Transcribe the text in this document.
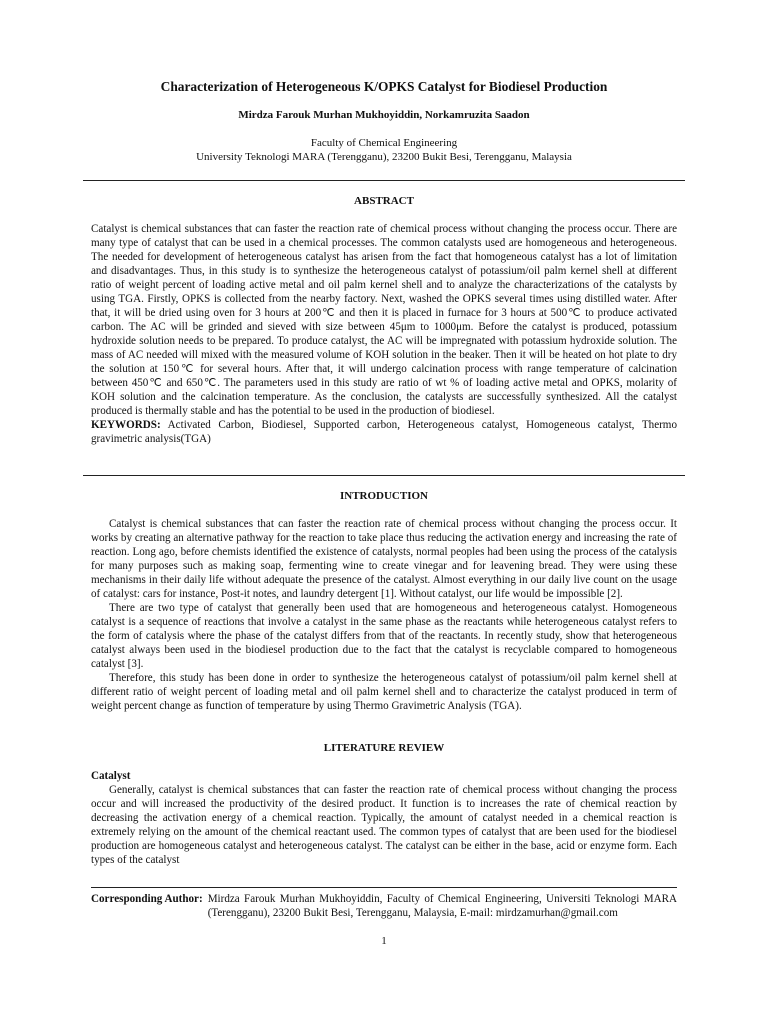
Characterization of Heterogeneous K/OPKS Catalyst for Biodiesel Production
Mirdza Farouk Murhan Mukhoyiddin, Norkamruzita Saadon
Faculty of Chemical Engineering
University Teknologi MARA (Terengganu), 23200 Bukit Besi, Terengganu, Malaysia
ABSTRACT

Catalyst is chemical substances that can faster the reaction rate of chemical process without changing the process occur. There are many type of catalyst that can be used in a chemical processes. The common catalysts used are homogeneous and heterogeneous. The needed for development of heterogeneous catalyst has arisen from the fact that homogeneous catalyst has a lot of limitation and disadvantages. Thus, in this study is to synthesize the heterogeneous catalyst of potassium/oil palm kernel shell at different ratio of weight percent of loading active metal and oil palm kernel shell and to analyze the characterizations of the catalysts by using TGA. Firstly, OPKS is collected from the nearby factory. Next, washed the OPKS several times using distilled water. After that, it will be dried using oven for 3 hours at 200℃ and then it is placed in furnace for 3 hours at 500℃ to produce activated carbon. The AC will be grinded and sieved with size between 45μm to 1000μm. Before the catalyst is produced, potassium hydroxide solution needs to be prepared. To produce catalyst, the AC will be impregnated with potassium hydroxide solution. The mass of AC needed will mixed with the measured volume of KOH solution in the beaker. Then it will be heated on hot plate to dry the solution at 150℃ for several hours. After that, it will undergo calcination process with range temperature of calcination between 450℃ and 650℃. The parameters used in this study are ratio of wt % of loading active metal and OPKS, molarity of KOH solution and the calcination temperature. As the conclusion, the catalysts are successfully synthesized. All the catalyst produced is thermally stable and has the potential to be used in the production of biodiesel.

KEYWORDS: Activated Carbon, Biodiesel, Supported carbon, Heterogeneous catalyst, Homogeneous catalyst, Thermo gravimetric analysis(TGA)

INTRODUCTION

Catalyst is chemical substances that can faster the reaction rate of chemical process without changing the process occur. It works by creating an alternative pathway for the reaction to take place thus reducing the activation energy and increasing the rate of reaction. Long ago, before chemists identified the existence of catalysts, normal peoples had been using the process of the catalysis for many purposes such as making soap, fermenting wine to create vinegar and for leavening bread. They were using these mechanisms in their daily life without adequate the presence of the catalyst. Almost everything in our daily live count on the usage of catalyst: cars for instance, Post-it notes, and laundry detergent [1]. Without catalyst, our life would be impossible [2].

There are two type of catalyst that generally been used that are homogeneous and heterogeneous catalyst. Homogeneous catalyst is a sequence of reactions that involve a catalyst in the same phase as the reactants while heterogeneous catalyst refers to the form of catalysis where the phase of the catalyst differs from that of the reactants. In recently study, show that heterogeneous catalyst always been used in the biodiesel production due to the fact that the catalyst is recyclable compared to homogeneous catalyst [3].

Therefore, this study has been done in order to synthesize the heterogeneous catalyst of potassium/oil palm kernel shell at different ratio of weight percent of loading metal and oil palm kernel shell and to characterize the catalyst produced in term of weight percent change as function of temperature by using Thermo Gravimetric Analysis (TGA).

LITERATURE REVIEW

Catalyst

Generally, catalyst is chemical substances that can faster the reaction rate of chemical process without changing the process occur and will increased the productivity of the desired product. It function is to increases the rate of chemical reaction by decreasing the activation energy of a chemical reaction. Typically, the amount of catalyst needed in a chemical reaction is extremely relying on the amount of the chemical reactant used. The common types of catalyst that are been used for the biodiesel production are homogeneous catalyst and heterogeneous catalyst. The catalyst can be either in the base, acid or enzyme form. Each types of the catalyst

Corresponding Author: Mirdza Farouk Murhan Mukhoyiddin, Faculty of Chemical Engineering, Universiti Teknologi MARA (Terengganu), 23200 Bukit Besi, Terengganu, Malaysia, E-mail: mirdzamurhan@gmail.com
1
